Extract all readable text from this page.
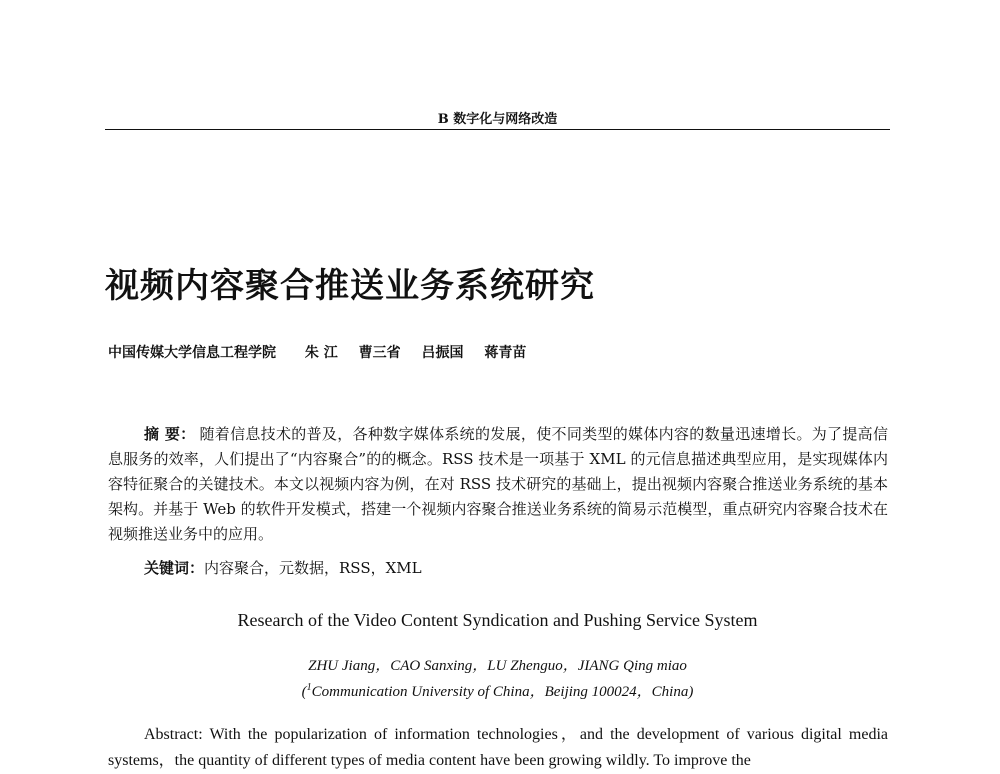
B 数字化与网络改造
视频内容聚合推送业务系统研究
中国传媒大学信息工程学院 朱 江 曹三省 吕振国 蒋青苗
摘 要： 随着信息技术的普及，各种数字媒体系统的发展，使不同类型的媒体内容的数量迅速增长。为了提高信息服务的效率，人们提出了“内容聚合”的的概念。RSS 技术是一项基于 XML 的元信息描述典型应用，是实现媒体内容特征聚合的关键技术。本文以视频内容为例，在对 RSS 技术研究的基础上，提出视频内容聚合推送业务系统的基本架构。并基于 Web 的软件开发模式，搭建一个视频内容聚合推送业务系统的简易示范模型，重点研究内容聚合技术在视频推送业务中的应用。
关键词：内容聚合，元数据，RSS，XML
Research of the Video Content Syndication and Pushing Service System
ZHU Jiang，CAO Sanxing，LU Zhenguo，JIANG Qing miao
($^1$Communication University of China，Beijing 100024，China)
Abstract: With the popularization of information technologies，and the development of various digital media systems，the quantity of different types of media content have been growing wildly. To improve the
